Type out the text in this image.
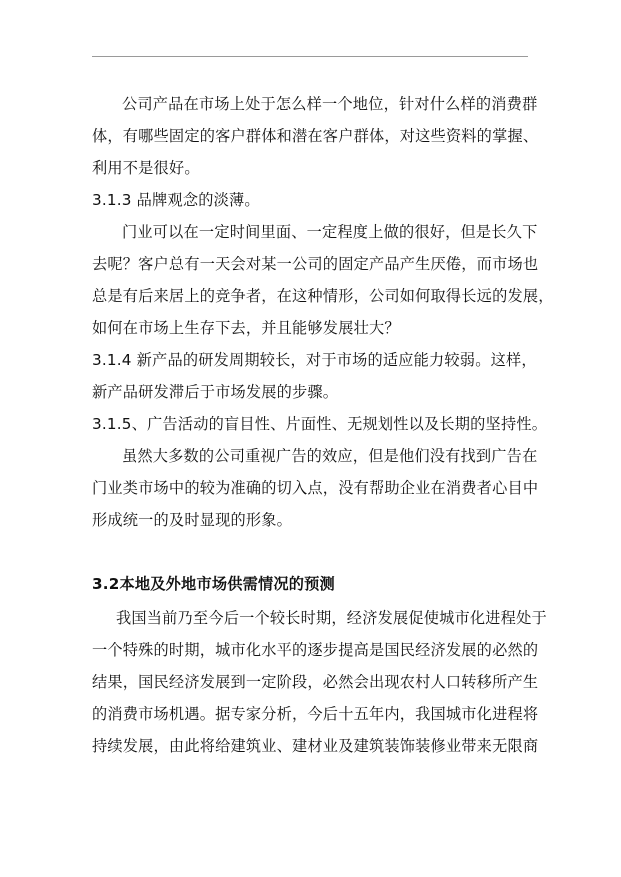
公司产品在市场上处于怎么样一个地位，针对什么样的消费群
体，有哪些固定的客户群体和潜在客户群体，对这些资料的掌握、
利用不是很好。
3.1.3 品牌观念的淡薄。
门业可以在一定时间里面、一定程度上做的很好，但是长久下
去呢？客户总有一天会对某一公司的固定产品产生厌倦，而市场也
总是有后来居上的竞争者，在这种情形，公司如何取得长远的发展，
如何在市场上生存下去，并且能够发展壮大？
3.1.4 新产品的研发周期较长，对于市场的适应能力较弱。这样，
新产品研发滞后于市场发展的步骤。
3.1.5、广告活动的盲目性、片面性、无规划性以及长期的坚持性。
虽然大多数的公司重视广告的效应，但是他们没有找到广告在
门业类市场中的较为准确的切入点，没有帮助企业在消费者心目中
形成统一的及时显现的形象。
3.2本地及外地市场供需情况的预测
我国当前乃至今后一个较长时期，经济发展促使城市化进程处于
一个特殊的时期，城市化水平的逐步提高是国民经济发展的必然的
结果，国民经济发展到一定阶段，必然会出现农村人口转移所产生
的消费市场机遇。据专家分析，今后十五年内，我国城市化进程将
持续发展，由此将给建筑业、建材业及建筑装饰装修业带来无限商
